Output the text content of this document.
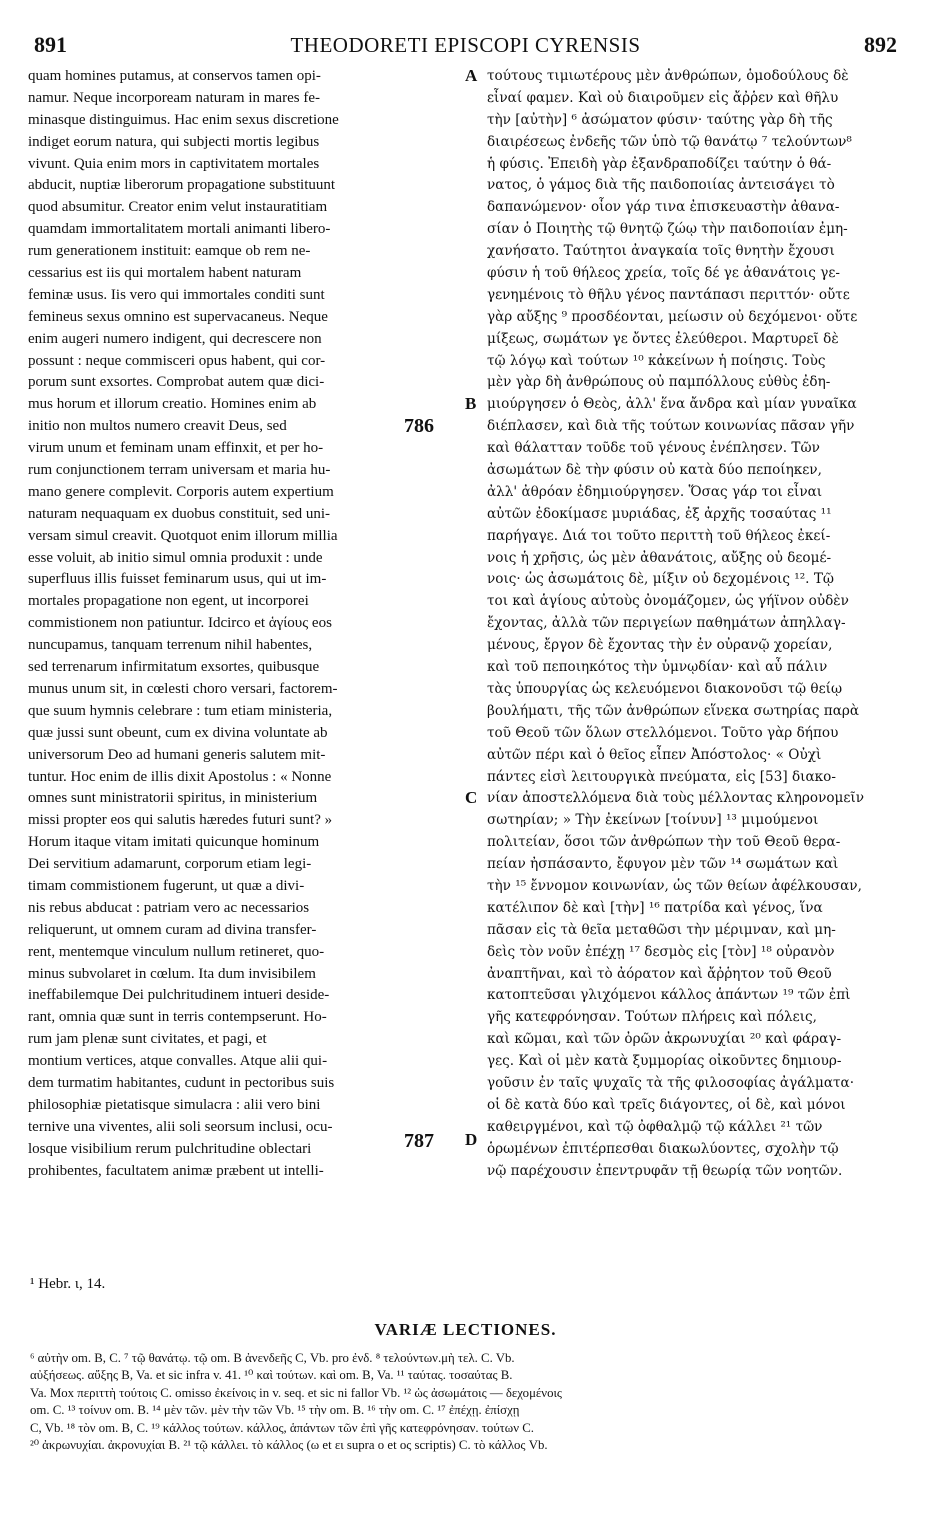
891	THEODORETI EPISCOPI CYRENSIS	892
quam homines putamus, at conservos tamen opi-
namur. Neque incorpoream naturam in mares fe-
minasque distinguimus. Hac enim sexus discretione
indiget eorum natura, qui subjecti mortis legibus
vivunt. Quia enim mors in captivitatem mortales
abducit, nuptiæ liberorum propagatione substituunt
quod absumitur. Creator enim velut instauratitiam
quamdam immortalitatem mortali animanti libero-
rum generationem instituit: eamque ob rem ne-
cessarius est iis qui mortalem habent naturam
feminæ usus. Iis vero qui immortales conditi sunt
femineus sexus omnino est supervacaneus. Neque
enim augeri numero indigent, qui decrescere non
possunt : neque commisceri opus habent, qui cor-
porum sunt exsortes. Comprobat autem quæ dici-
mus horum et illorum creatio. Homines enim ab
initio non multos numero creavit Deus, sed
virum unum et feminam unam effinxit, et per ho-
rum conjunctionem terram universam et maria hu-
mano genere complevit. Corporis autem expertium
naturam nequaquam ex duobus constituit, sed uni-
versam simul creavit. Quotquot enim illorum millia
esse voluit, ab initio simul omnia produxit : unde
superfluus illis fuisset feminarum usus, qui ut im-
mortales propagatione non egent, ut incorporei
commistionem non patiuntur. Idcirco et ἁγίους eos
nuncupamus, tanquam terrenum nihil habentes,
sed terrenarum infirmitatum exsortes, quibusque
munus unum sit, in cœlesti choro versari, factorem-
que suum hymnis celebrare : tum etiam ministeria,
quæ jussi sunt obeunt, cum ex divina voluntate ab
universorum Deo ad humani generis salutem mit-
tuntur. Hoc enim de illis dixit Apostolus : « Nonne
omnes sunt ministratorii spiritus, in ministerium
missi propter eos qui salutis hæredes futuri sunt? »
Horum itaque vitam imitati quicunque hominum
Dei servitium adamarunt, corporum etiam legi-
timam commistionem fugerunt, ut quæ a divi-
nis rebus abducat : patriam vero ac necessarios
reliquerunt, ut omnem curam ad divina transfer-
rent, mentemque vinculum nullum retineret, quo-
minus subvolaret in cœlum. Ita dum invisibilem
ineffabilemque Dei pulchritudinem intueri deside-
rant, omnia quæ sunt in terris contempserunt. Ho-
rum jam plenæ sunt civitates, et pagi, et
montium vertices, atque convalles. Atque alii qui-
dem turmatim habitantes, cudunt in pectoribus suis
philosophiæ pietatisque simulacra : alii vero bini
ternive una viventes, alii soli seorsum inclusi, ocu-
losque visibilium rerum pulchritudine oblectari
prohibentes, facultatem animæ præbent ut intelli-
τούτους τιμιωτέρους μὲν ἀνθρώπων, ὁμοδούλους δὲ
εἶναί φαμεν. Καὶ οὐ διαιροῦμεν εἰς ἄῤῥεν καὶ θῆλυ
τὴν [αὐτὴν] ⁶ ἀσώματον φύσιν· ταύτης γὰρ δὴ τῆς
διαιρέσεως ἐνδεῆς τῶν ὑπὸ τῷ θανάτῳ ⁷ τελούντων⁸
ἡ φύσις. Ἐπειδὴ γὰρ ἐξανδραποδίζει ταύτην ὁ θά-
νατος, ὁ γάμος διὰ τῆς παιδοποιίας ἀντεισάγει τὸ
δαπανώμενον· οἷον γάρ τινα ἐπισκευαστὴν ἀθανα-
σίαν ὁ Ποιητὴς τῷ θνητῷ ζώῳ τὴν παιδοποιίαν ἐμη-
χανήσατο. Ταύτητοι ἀναγκαία τοῖς θνητὴν ἔχουσι
φύσιν ἡ τοῦ θήλεος χρεία, τοῖς δέ γε ἀθανάτοις γε-
γενημένοις τὸ θῆλυ γένος παντάπασι περιττόν· οὔτε
γὰρ αὔξης ⁹ προσδέονται, μείωσιν οὐ δεχόμενοι· οὔτε
μίξεως, σωμάτων γε ὄντες ἐλεύθεροι. Μαρτυρεῖ δὲ
τῷ λόγῳ καὶ τούτων ¹⁰ κἀκείνων ἡ ποίησις. Τοὺς
μὲν γὰρ δὴ ἀνθρώπους οὐ παμπόλλους εὐθὺς ἐδη-
μιούργησεν ὁ Θεὸς, ἀλλ' ἕνα ἄνδρα καὶ μίαν γυναῖκα
διέπλασεν, καὶ διὰ τῆς τούτων κοινωνίας πᾶσαν γῆν
καὶ θάλατταν τοῦδε τοῦ γένους ἐνέπλησεν. Τῶν
ἀσωμάτων δὲ τὴν φύσιν οὐ κατὰ δύο πεποίηκεν,
ἀλλ' ἀθρόαν ἐδημιούργησεν. Ὅσας γάρ τοι εἶναι
αὐτῶν ἐδοκίμασε μυριάδας, ἐξ ἀρχῆς τοσαύτας ¹¹
παρήγαγε. Διά τοι τοῦτο περιττὴ τοῦ θήλεος ἐκεί-
νοις ἡ χρῆσις, ὡς μὲν ἀθανάτοις, αὔξης οὐ δεομέ-
νοις· ὡς ἀσωμάτοις δὲ, μίξιν οὐ δεχομένοις ¹². Τῷ
τοι καὶ ἁγίους αὐτοὺς ὀνομάζομεν, ὡς γήϊνον οὐδὲν
ἔχοντας, ἀλλὰ τῶν περιγείων παθημάτων ἀπηλλαγ-
μένους, ἔργον δὲ ἔχοντας τὴν ἐν οὐρανῷ χορείαν,
καὶ τοῦ πεποιηκότος τὴν ὑμνῳδίαν· καὶ αὖ πάλιν
τὰς ὑπουργίας ὡς κελευόμενοι διακονοῦσι τῷ θείῳ
βουλήματι, τῆς τῶν ἀνθρώπων εἵνεκα σωτηρίας παρὰ
τοῦ Θεοῦ τῶν ὅλων στελλόμενοι. Τοῦτο γὰρ δήπου
αὐτῶν πέρι καὶ ὁ θεῖος εἶπεν Ἀπόστολος· « Οὐχὶ
πάντες εἰσὶ λειτουργικὰ πνεύματα, εἰς [53] διακο-
νίαν ἀποστελλόμενα διὰ τοὺς μέλλοντας κληρονομεῖν
σωτηρίαν; » Τὴν ἐκείνων [τοίνυν] ¹³ μιμούμενοι
πολιτείαν, ὅσοι τῶν ἀνθρώπων τὴν τοῦ Θεοῦ θερα-
πείαν ἠσπάσαντο, ἔφυγον μὲν τῶν ¹⁴ σωμάτων καὶ
τὴν ¹⁵ ἔννομον κοινωνίαν, ὡς τῶν θείων ἀφέλκουσαν,
κατέλιπον δὲ καὶ [τὴν] ¹⁶ πατρίδα καὶ γένος, ἵνα
πᾶσαν εἰς τὰ θεῖα μεταθῶσι τὴν μέριμναν, καὶ μη-
δεὶς τὸν νοῦν ἐπέχῃ ¹⁷ δεσμὸς εἰς [τὸν] ¹⁸ οὐρανὸν
ἀναπτῆναι, καὶ τὸ ἀόρατον καὶ ἄῤῥητον τοῦ Θεοῦ
κατοπτεῦσαι γλιχόμενοι κάλλος ἁπάντων ¹⁹ τῶν ἐπὶ
γῆς κατεφρόνησαν. Τούτων πλήρεις καὶ πόλεις,
καὶ κῶμαι, καὶ τῶν ὀρῶν ἀκρωνυχίαι ²⁰ καὶ φάραγ-
γες. Καὶ οἱ μὲν κατὰ ξυμμορίας οἰκοῦντες δημιουρ-
γοῦσιν ἐν ταῖς ψυχαῖς τὰ τῆς φιλοσοφίας ἀγάλματα·
οἱ δὲ κατὰ δύο καὶ τρεῖς διάγοντες, οἱ δὲ, καὶ μόνοι
καθειργμένοι, καὶ τῷ ὀφθαλμῷ τῷ κάλλει ²¹ τῶν
ὁρωμένων ἐπιτέρπεσθαι διακωλύοντες, σχολὴν τῷ
νῷ παρέχουσιν ἐπεντρυφᾶν τῇ θεωρίᾳ τῶν νοητῶν.
A
B
C
D
786
787
¹ Hebr. ι, 14.
VARIÆ LECTIONES.
⁶ αὐτὴν om. B, C. ⁷ τῷ θανάτῳ. τῷ om. B ἀνενδεῆς C, Vb. pro ἐνδ. ⁸ τελούντων.μὴ τελ. C. Vb.
αὐξήσεως. αὔξης B, Va. et sic infra v. 41. ¹⁰ καὶ τούτων. καὶ om. B, Va. ¹¹ ταύτας. τοσαύτας B.
Va. Mox περιττὴ τούτοις C. omisso ἐκείνοις in v. seq. et sic ni fallor Vb. ¹² ὡς ἀσωμάτοις — δεχομένοις
om. C. ¹³ τοίνυν om. B. ¹⁴ μὲν τῶν. μὲν τὴν τῶν Vb. ¹⁵ τὴν om. B. ¹⁶ τὴν om. C. ¹⁷ ἐπέχῃ. ἐπίσχῃ
C, Vb. ¹⁸ τὸν om. B, C. ¹⁹ κάλλος τούτων. κάλλος, ἁπάντων τῶν ἐπὶ γῆς κατεφρόνησαν. τούτων C.
²⁰ ἀκρωνυχίαι. ἀκρονυχίαι B. ²¹ τῷ κάλλει. τὸ κάλλος (ω et ει supra ο et ος scriptis) C. τὸ κάλλος Vb.
